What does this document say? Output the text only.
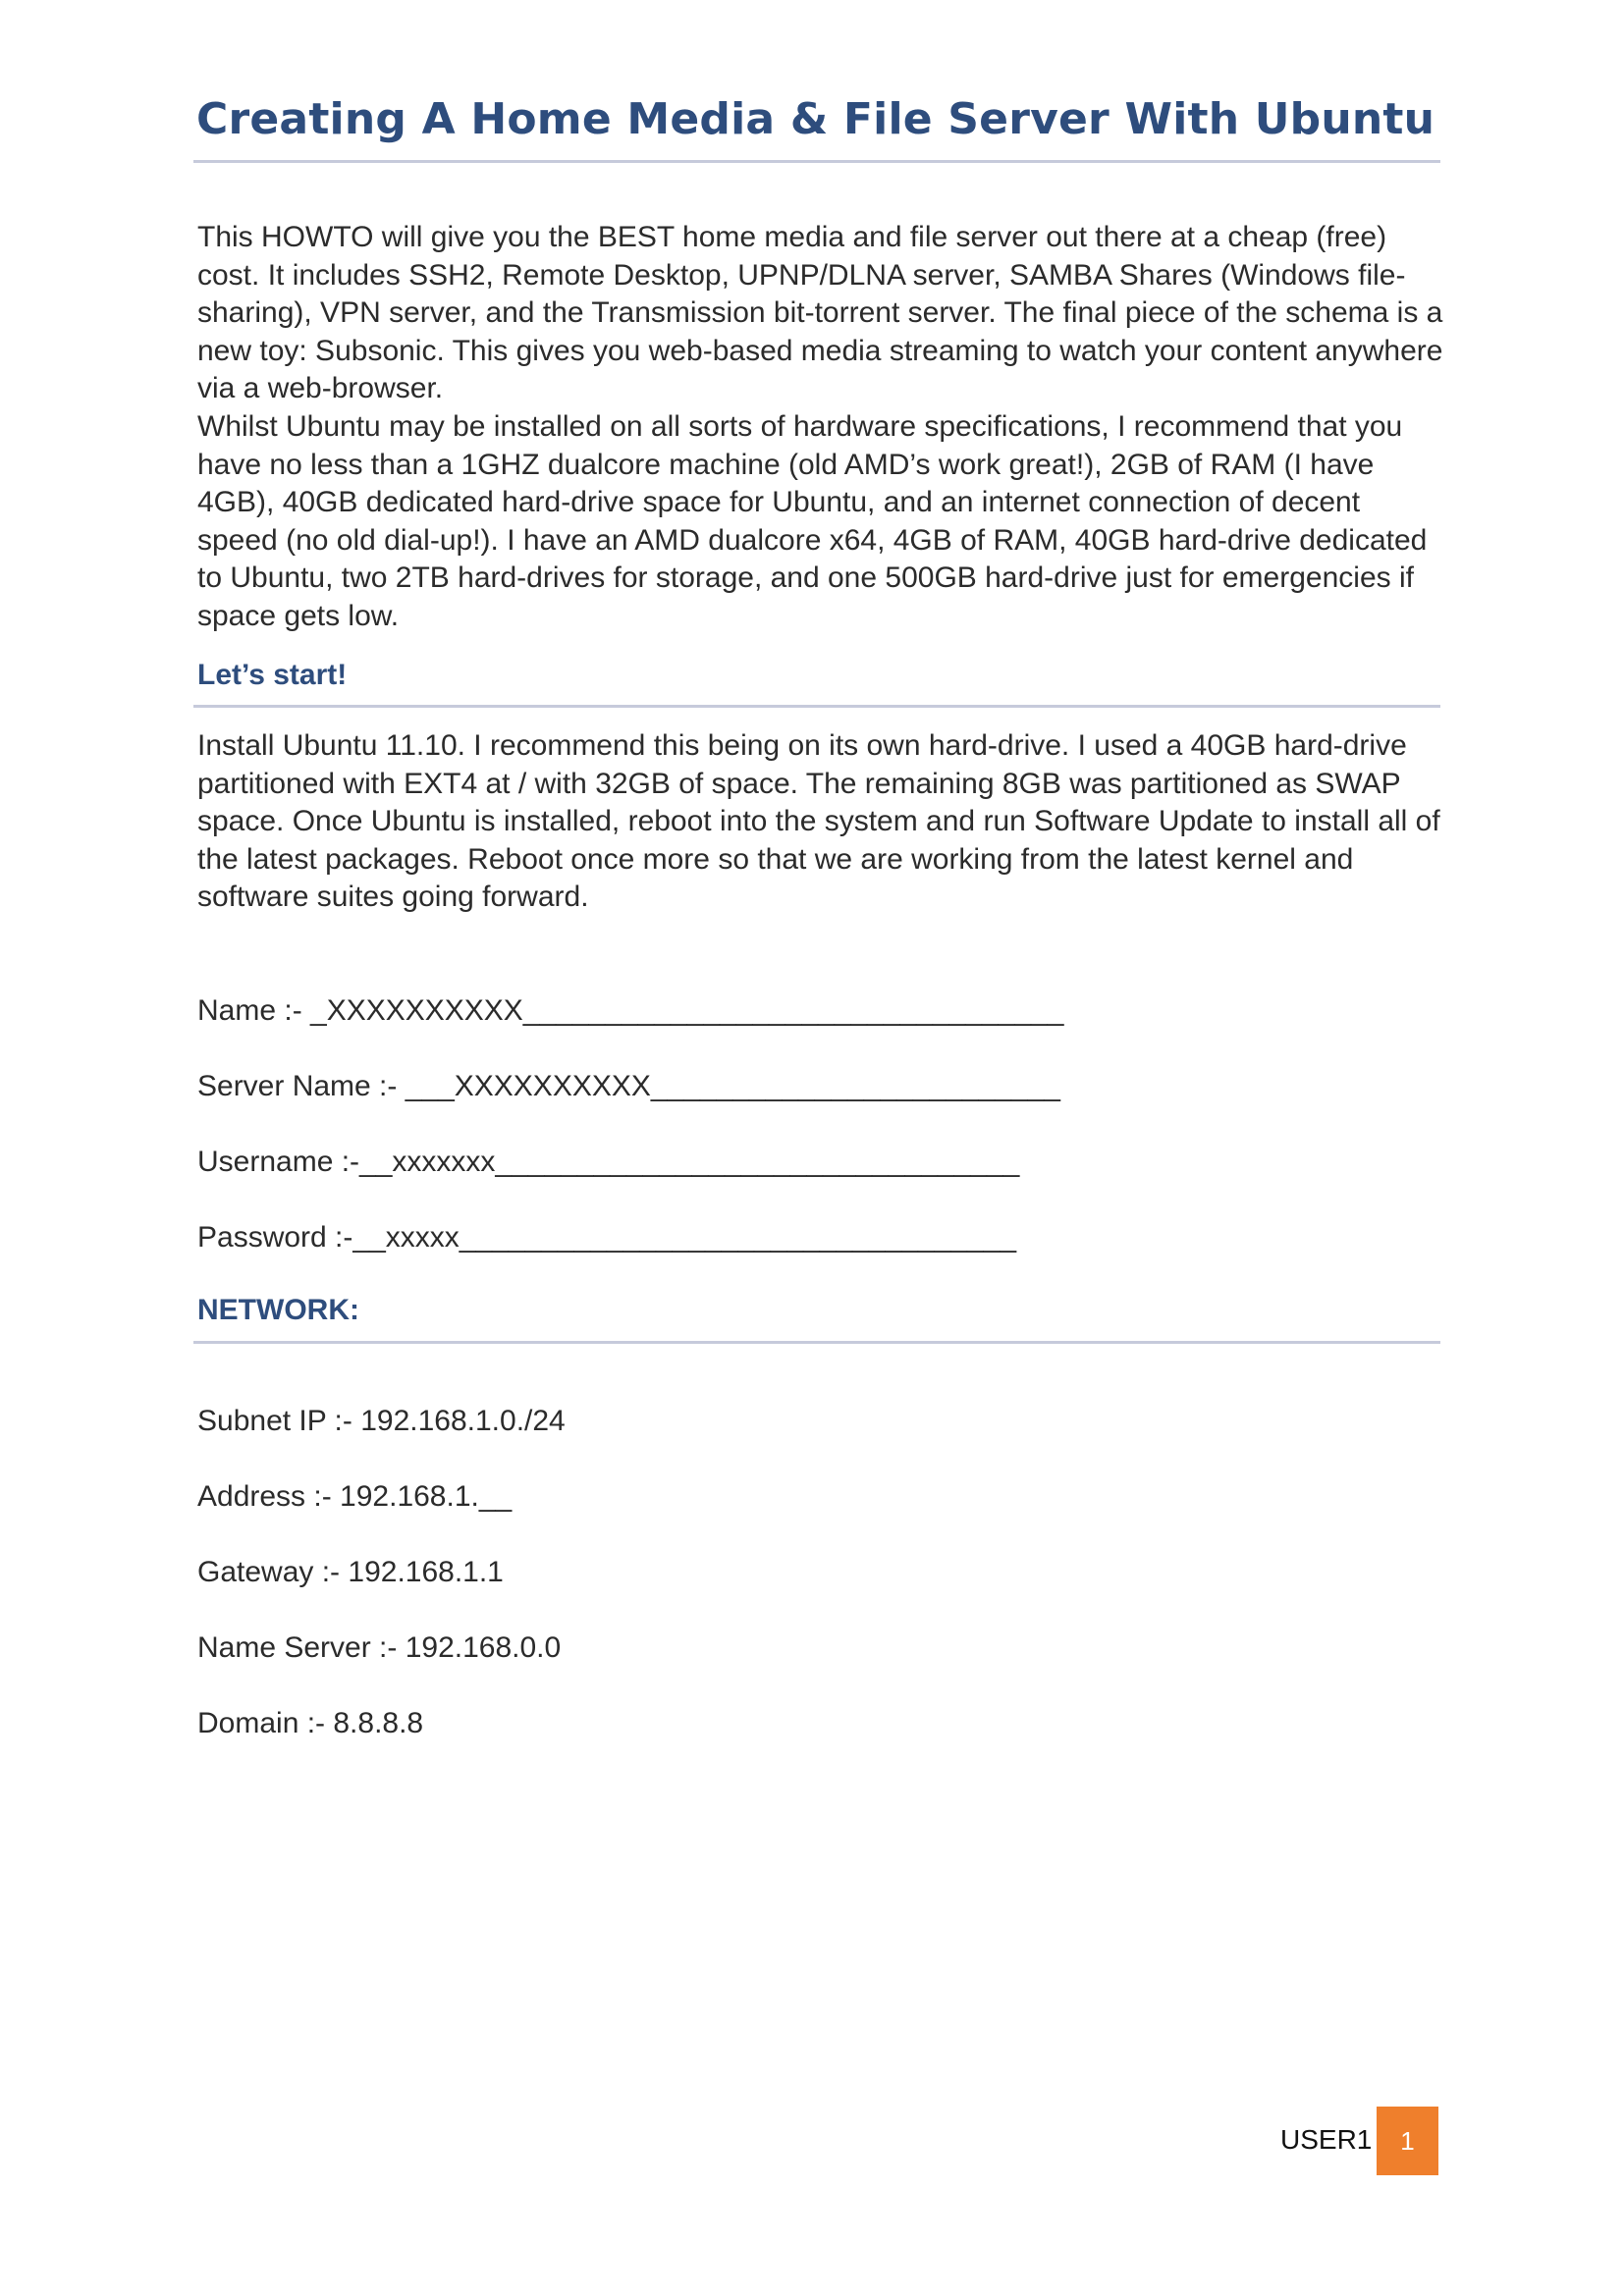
Creating A Home Media & File Server With Ubuntu

This HOWTO will give you the BEST home media and file server out there at a cheap (free) cost. It includes SSH2, Remote Desktop, UPNP/DLNA server, SAMBA Shares (Windows file-sharing), VPN server, and the Transmission bit-torrent server. The final piece of the schema is a new toy: Subsonic. This gives you web-based media streaming to watch your content anywhere via a web-browser.

Whilst Ubuntu may be installed on all sorts of hardware specifications, I recommend that you have no less than a 1GHZ dualcore machine (old AMD’s work great!), 2GB of RAM (I have 4GB), 40GB dedicated hard-drive space for Ubuntu, and an internet connection of decent speed (no old dial-up!). I have an AMD dualcore x64, 4GB of RAM, 40GB hard-drive dedicated to Ubuntu, two 2TB hard-drives for storage, and one 500GB hard-drive just for emergencies if space gets low.

Let’s start!

Install Ubuntu 11.10. I recommend this being on its own hard-drive. I used a 40GB hard-drive partitioned with EXT4 at / with 32GB of space. The remaining 8GB was partitioned as SWAP space. Once Ubuntu is installed, reboot into the system and run Software Update to install all of the latest packages. Reboot once more so that we are working from the latest kernel and software suites going forward.

Name :- _XXXXXXXXXX_________________________________
Server Name :- ___XXXXXXXXXX_________________________
Username :-__xxxxxxx________________________________
Password :-__xxxxx__________________________________
NETWORK:
Subnet IP :- 192.168.1.0./24
Address :- 192.168.1.__
Gateway :- 192.168.1.1
Name Server :- 192.168.0.0
Domain :- 8.8.8.8
USER1	1
